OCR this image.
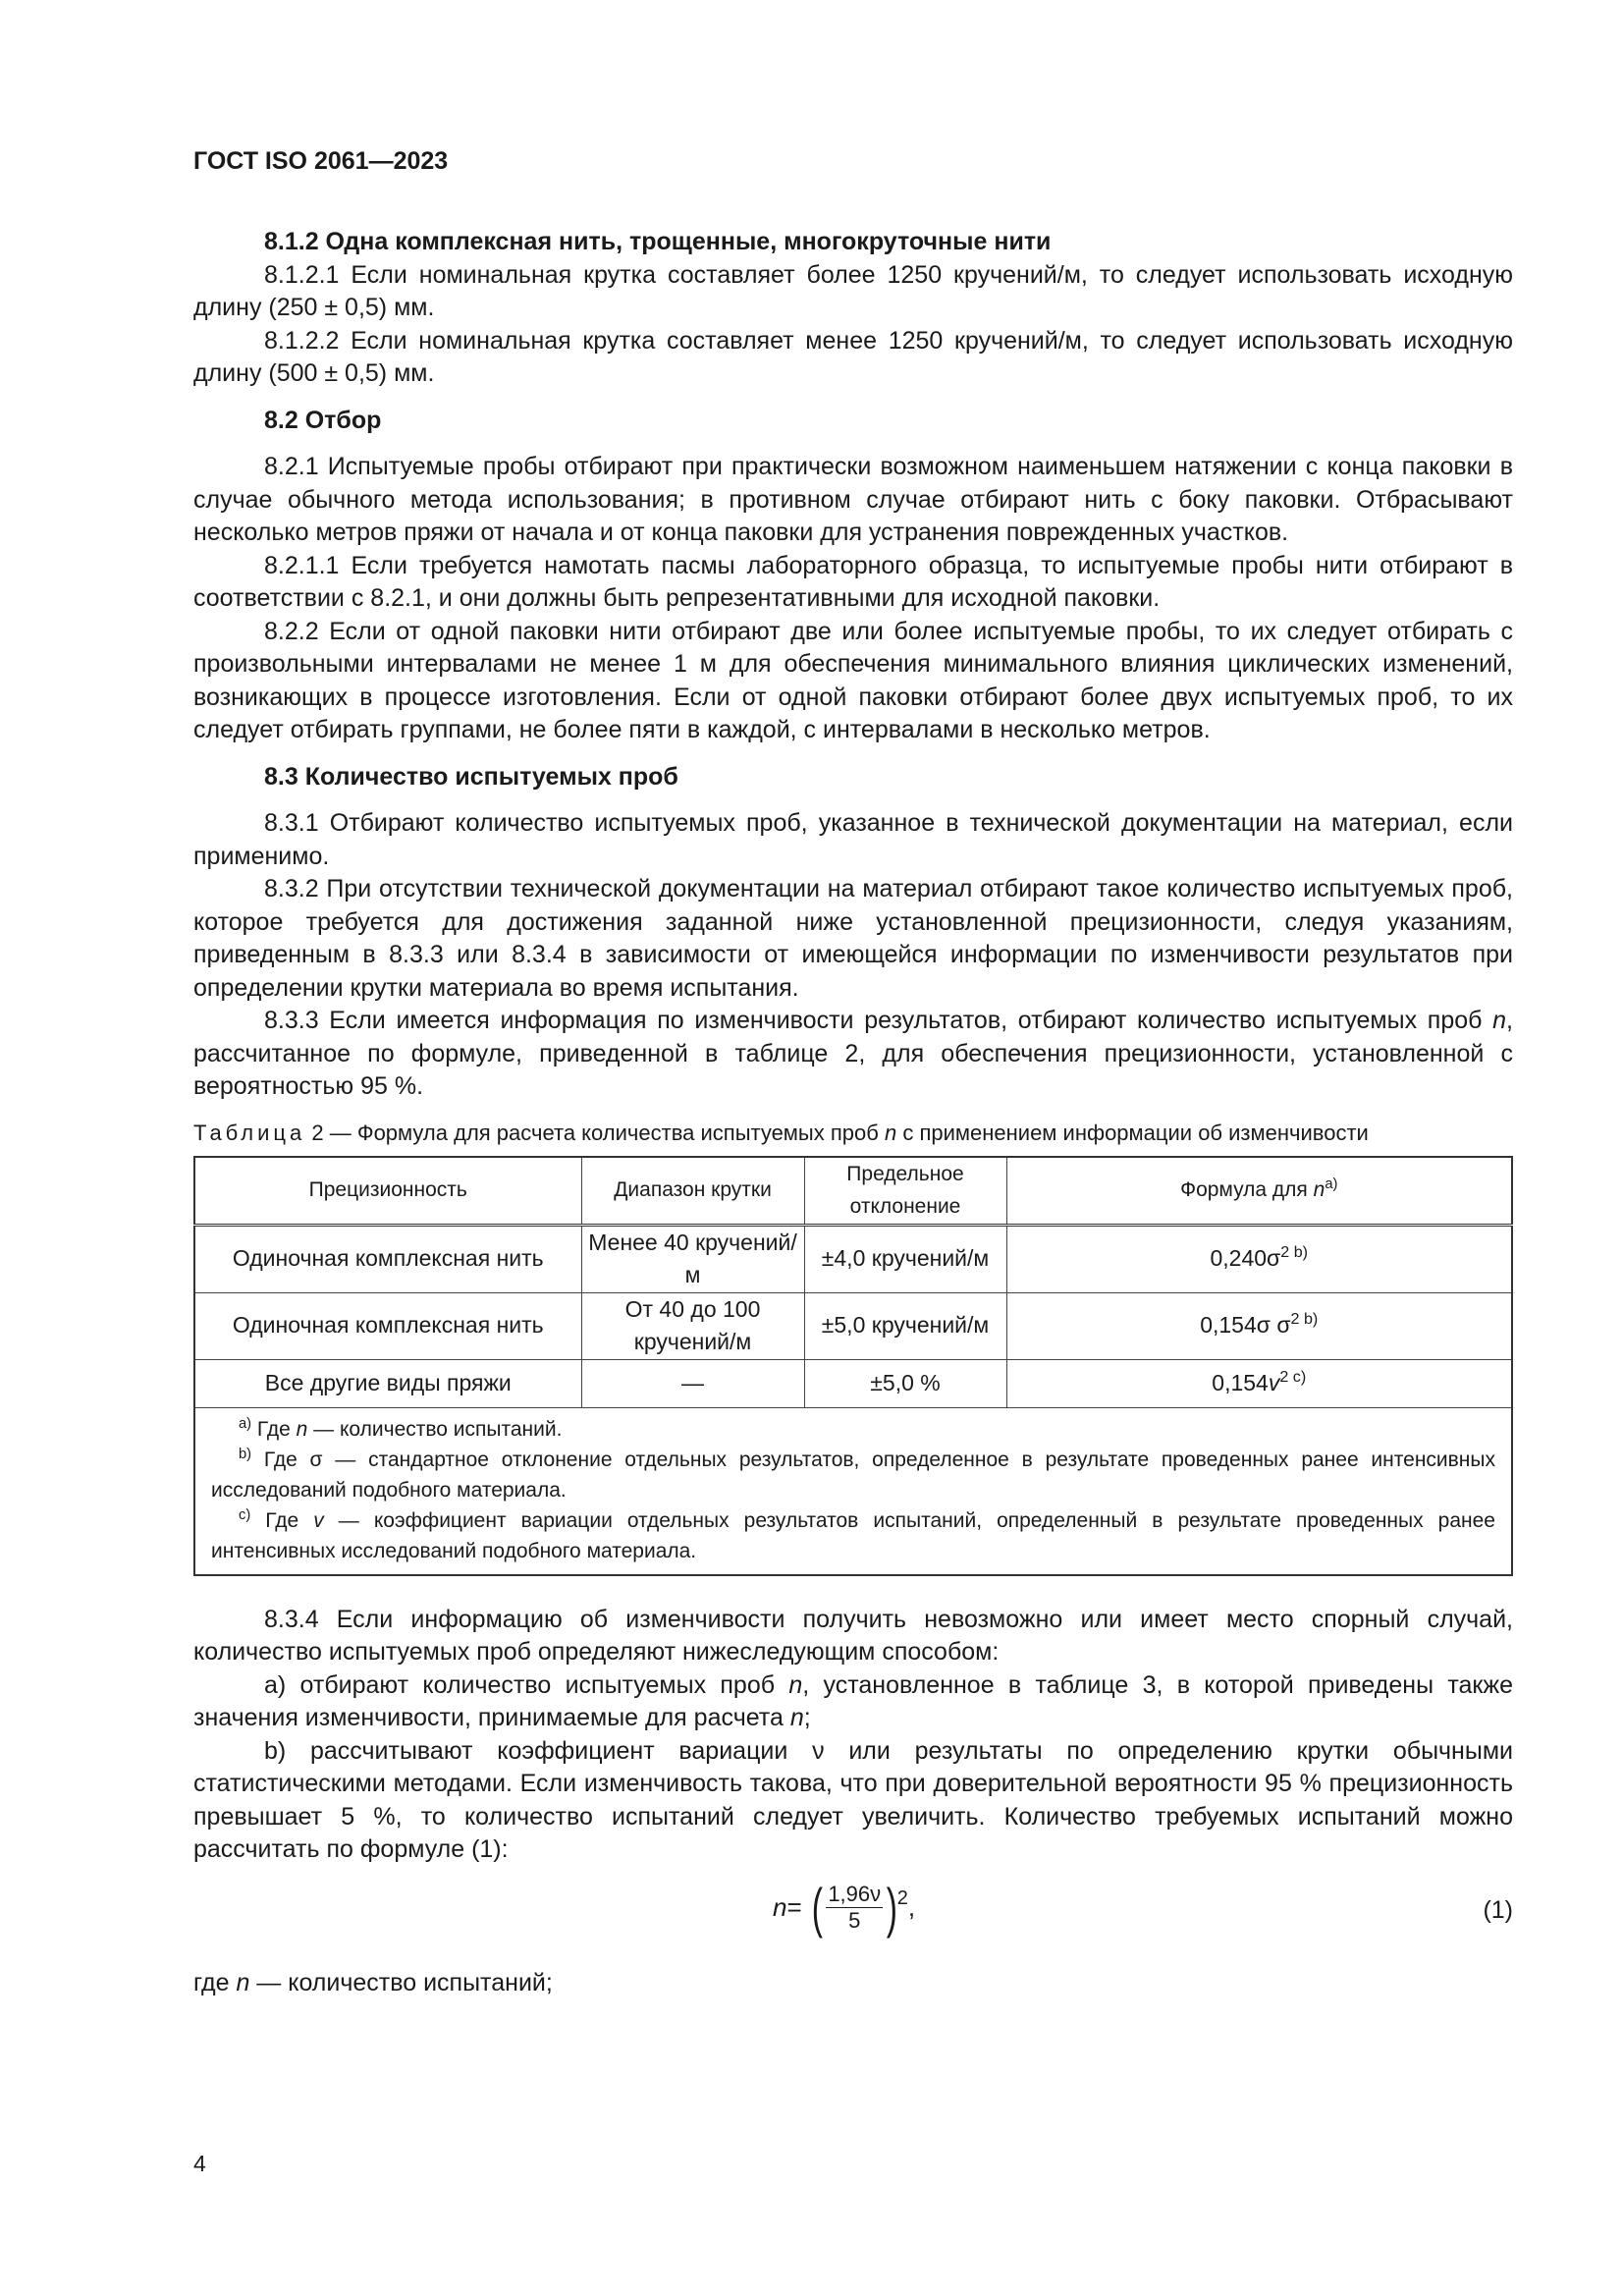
ГОСТ ISO 2061—2023

8.1.2 Одна комплексная нить, трощенные, многокруточные нити

8.1.2.1 Если номинальная крутка составляет более 1250 кручений/м, то следует использовать исходную длину (250 ± 0,5) мм.

8.1.2.2 Если номинальная крутка составляет менее 1250 кручений/м, то следует использовать исходную длину (500 ± 0,5) мм.

8.2 Отбор

8.2.1 Испытуемые пробы отбирают при практически возможном наименьшем натяжении с конца паковки в случае обычного метода использования; в противном случае отбирают нить с боку паковки. Отбрасывают несколько метров пряжи от начала и от конца паковки для устранения поврежденных участков.

8.2.1.1 Если требуется намотать пасмы лабораторного образца, то испытуемые пробы нити отбирают в соответствии с 8.2.1, и они должны быть репрезентативными для исходной паковки.

8.2.2 Если от одной паковки нити отбирают две или более испытуемые пробы, то их следует отбирать с произвольными интервалами не менее 1 м для обеспечения минимального влияния циклических изменений, возникающих в процессе изготовления. Если от одной паковки отбирают более двух испытуемых проб, то их следует отбирать группами, не более пяти в каждой, с интервалами в несколько метров.

8.3 Количество испытуемых проб

8.3.1 Отбирают количество испытуемых проб, указанное в технической документации на материал, если применимо.

8.3.2 При отсутствии технической документации на материал отбирают такое количество испытуемых проб, которое требуется для достижения заданной ниже установленной прецизионности, следуя указаниям, приведенным в 8.3.3 или 8.3.4 в зависимости от имеющейся информации по изменчивости результатов при определении крутки материала во время испытания.

8.3.3 Если имеется информация по изменчивости результатов, отбирают количество испытуемых проб n, рассчитанное по формуле, приведенной в таблице 2, для обеспечения прецизионности, установленной с вероятностью 95 %.

Таблица 2 — Формула для расчета количества испытуемых проб n с применением информации об изменчивости

Прецизионность	Диапазон крутки	Предельное отклонение	Формула для $n^{a)}$
Одиночная комплексная нить	Менее 40 кручений/м	±4,0 кручений/м	$0,240\sigma^{2 b)}$
Одиночная комплексная нить	От 40 до 100 кручений/м	±5,0 кручений/м	0,154σ $\sigma^{2 b)}$
Все другие виды пряжи	—	±5,0 %	$0,154v^{2 c)}$

$^{a)}$ Где n — количество испытаний.

$^{b)}$ Где σ — стандартное отклонение отдельных результатов, определенное в результате проведенных ранее интенсивных исследований подобного материала.

$^{c)}$ Где v — коэффициент вариации отдельных результатов испытаний, определенный в результате проведенных ранее интенсивных исследований подобного материала.			

8.3.4 Если информацию об изменчивости получить невозможно или имеет место спорный случай, количество испытуемых проб определяют нижеследующим способом:

a) отбирают количество испытуемых проб n, установленное в таблице 3, в которой приведены также значения изменчивости, принимаемые для расчета n;

b) рассчитывают коэффициент вариации ν или результаты по определению крутки обычными статистическими методами. Если изменчивость такова, что при доверительной вероятности 95 % прецизионность превышает 5 %, то количество испытаний следует увеличить. Количество требуемых испытаний можно рассчитать по формуле (1):

n = ( $\frac{1,96\nu}{5}$ ) 2 ,	(1)

где n — количество испытаний;

4
